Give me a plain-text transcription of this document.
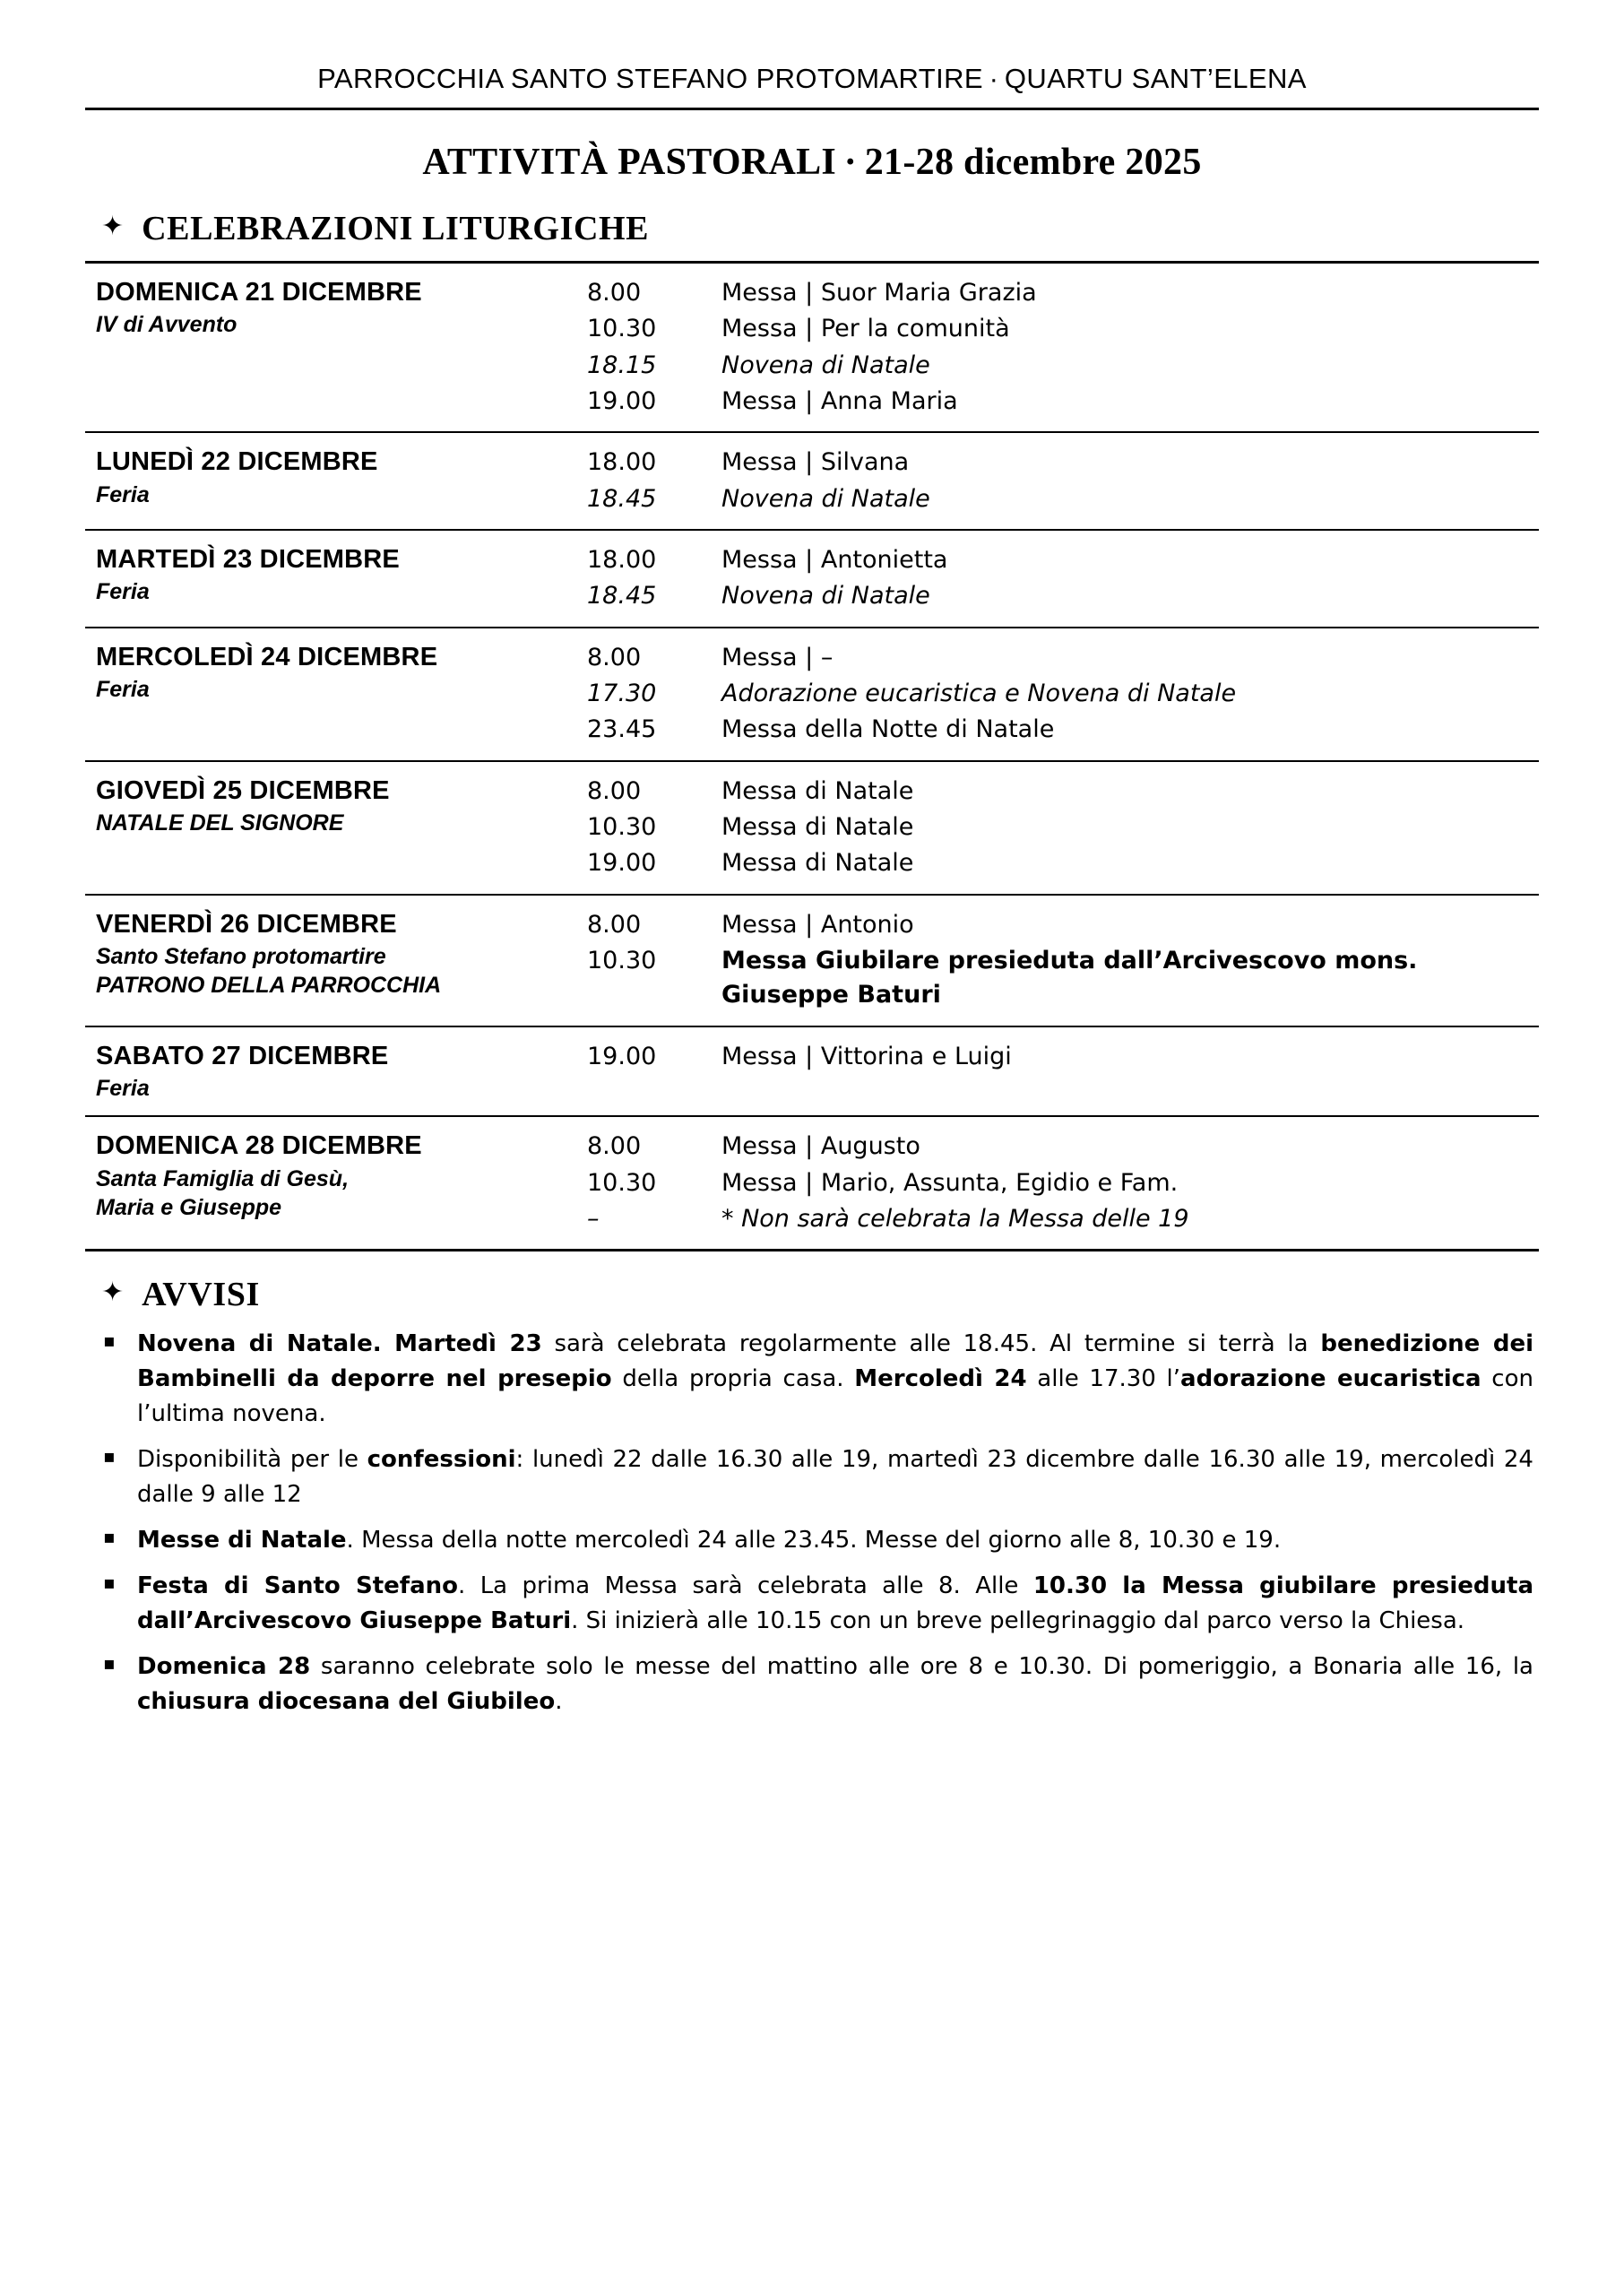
PARROCCHIA SANTO STEFANO PROTOMARTIRE · QUARTU SANT’ELENA
ATTIVITÀ PASTORALI · 21-28 dicembre 2025
✦ CELEBRAZIONI LITURGICHE
DOMENICA 21 DICEMBRE
IV di Avvento
8.00	Messa | Suor Maria Grazia
10.30	Messa | Per la comunità
18.15	Novena di Natale
19.00	Messa | Anna Maria
LUNEDÌ 22 DICEMBRE
Feria
18.00	Messa | Silvana
18.45	Novena di Natale
MARTEDÌ 23 DICEMBRE
Feria
18.00	Messa | Antonietta
18.45	Novena di Natale
MERCOLEDÌ 24 DICEMBRE
Feria
8.00	Messa | –
17.30	Adorazione eucaristica e Novena di Natale
23.45	Messa della Notte di Natale
GIOVEDÌ 25 DICEMBRE
NATALE DEL SIGNORE
8.00	Messa di Natale
10.30	Messa di Natale
19.00	Messa di Natale
VENERDÌ 26 DICEMBRE
Santo Stefano protomartire
PATRONO DELLA PARROCCHIA
8.00	Messa | Antonio
10.30	Messa Giubilare presieduta dall’Arcivescovo mons. Giuseppe Baturi
SABATO 27 DICEMBRE
Feria
19.00	Messa | Vittorina e Luigi
DOMENICA 28 DICEMBRE
Santa Famiglia di Gesù,
Maria e Giuseppe
8.00	Messa | Augusto
10.30	Messa | Mario, Assunta, Egidio e Fam.
–	* Non sarà celebrata la Messa delle 19
✦ AVVISI
▪ Novena di Natale. Martedì 23 sarà celebrata regolarmente alle 18.45. Al termine si terrà la benedizione dei Bambinelli da deporre nel presepio della propria casa. Mercoledì 24 alle 17.30 l’adorazione eucaristica con l’ultima novena.
▪ Disponibilità per le confessioni: lunedì 22 dalle 16.30 alle 19, martedì 23 dicembre dalle 16.30 alle 19, mercoledì 24 dalle 9 alle 12
▪ Messe di Natale. Messa della notte mercoledì 24 alle 23.45. Messe del giorno alle 8, 10.30 e 19.
▪ Festa di Santo Stefano. La prima Messa sarà celebrata alle 8. Alle 10.30 la Messa giubilare presieduta dall’Arcivescovo Giuseppe Baturi. Si inizierà alle 10.15 con un breve pellegrinaggio dal parco verso la Chiesa.
▪ Domenica 28 saranno celebrate solo le messe del mattino alle ore 8 e 10.30. Di pomeriggio, a Bonaria alle 16, la chiusura diocesana del Giubileo.
